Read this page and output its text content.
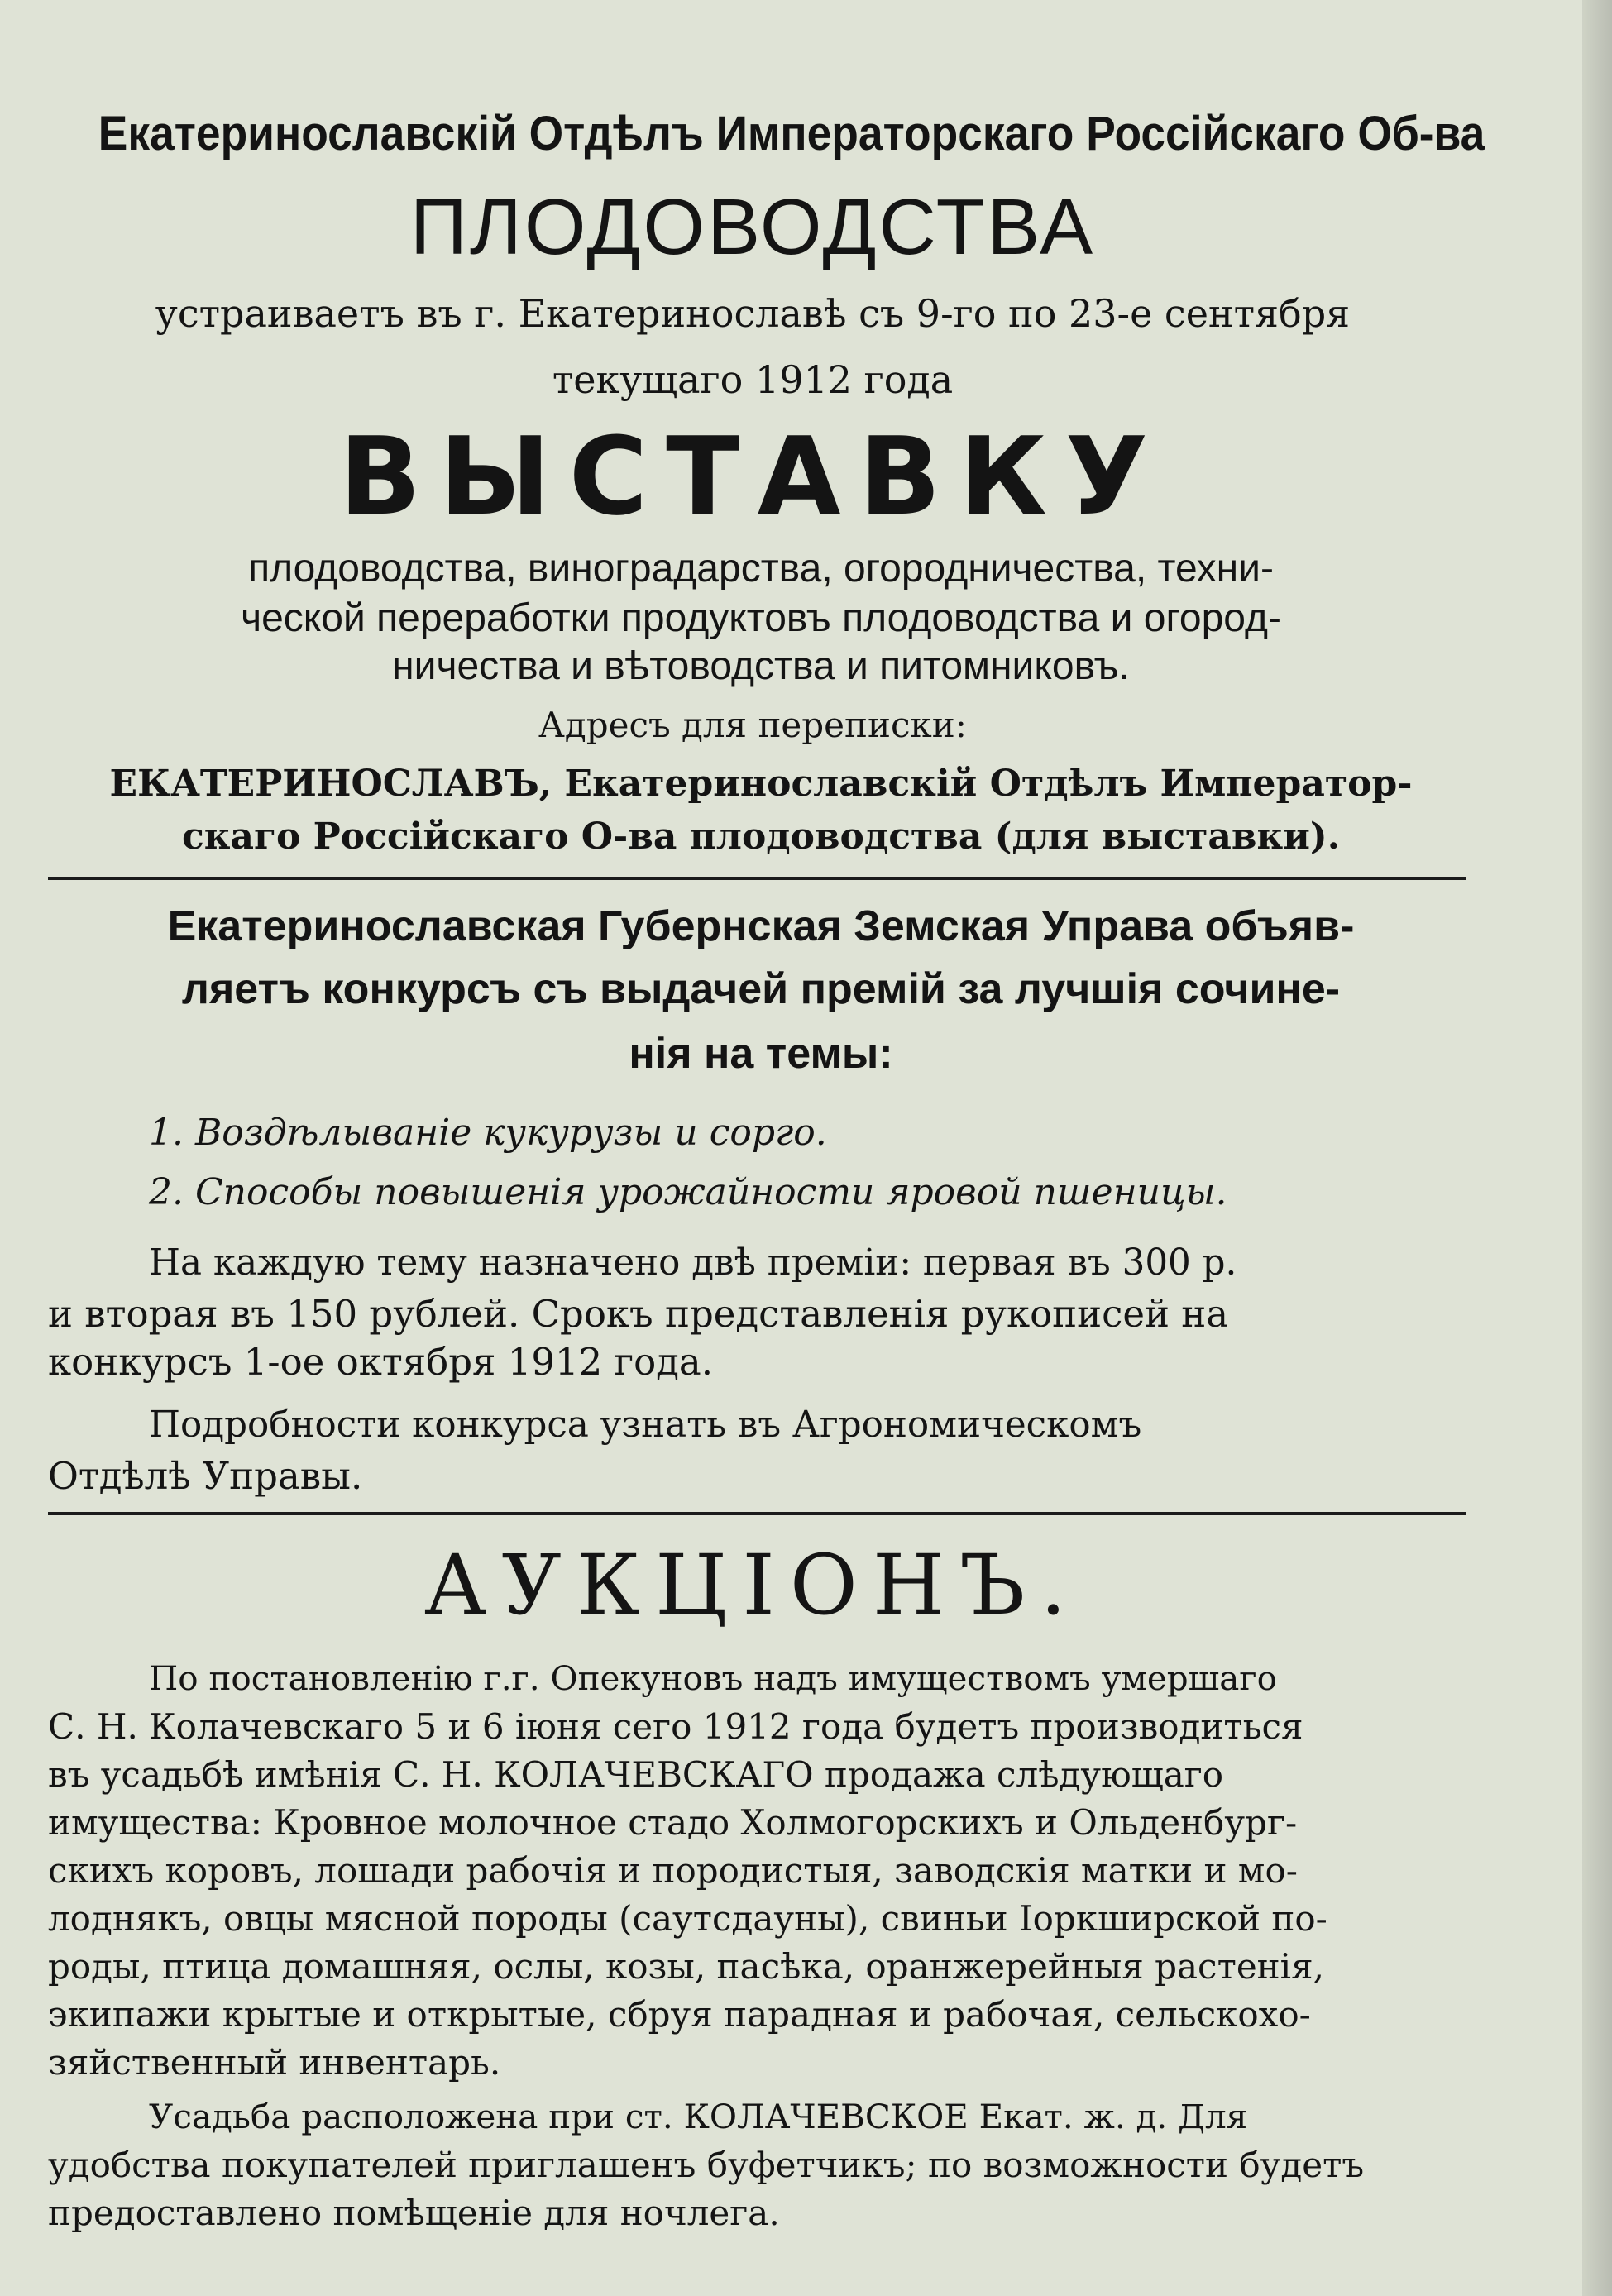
Екатеринославскій Отдѣлъ Императорскаго Россійскаго Об-ва

ПЛОДОВОДСТВА

устраиваетъ въ г. Екатеринославѣ съ 9-го по 23-е сентября

текущаго 1912 года

ВЫСТАВКУ

плодоводства, виноградарства, огородничества, техни-

ческой переработки продуктовъ плодоводства и огород-

ничества и вѣтоводства и питомниковъ.

Адресъ для переписки:

ЕКАТЕРИНОСЛАВЪ, Екатеринославскій Отдѣлъ Император-

скаго Россійскаго О-ва плодоводства (для выставки).

Екатеринославская Губернская Земская Управа объяв-

ляетъ конкурсъ съ выдачей премій за лучшія сочине-

нія на темы:

1. Воздѣлываніе кукурузы и сорго.

2. Способы повышенія урожайности яровой пшеницы.

На каждую тему назначено двѣ преміи: первая въ 300 р.

и вторая въ 150 рублей. Срокъ представленія рукописей на

конкурсъ 1-ое октября 1912 года.

Подробности конкурса узнать въ Агрономическомъ

Отдѣлѣ Управы.

АУКЦІОНЪ.

По постановленію г.г. Опекуновъ надъ имуществомъ умершаго

С. Н. Колачевскаго 5 и 6 іюня сего 1912 года будетъ производиться

въ усадьбѣ имѣнія С. Н. КОЛАЧЕВСКАГО продажа слѣдующаго

имущества: Кровное молочное стадо Холмогорскихъ и Ольденбург-

скихъ коровъ, лошади рабочія и породистыя, заводскія матки и мо-

лоднякъ, овцы мясной породы (саутсдауны), свиньи Іоркширской по-

роды, птица домашняя, ослы, козы, пасѣка, оранжерейныя растенія,

экипажи крытые и открытые, сбруя парадная и рабочая, сельскохо-

зяйственный инвентарь.

Усадьба расположена при ст. КОЛАЧЕВСКОЕ Екат. ж. д. Для

удобства покупателей приглашенъ буфетчикъ; по возможности будетъ

предоставлено помѣщеніе для ночлега.
